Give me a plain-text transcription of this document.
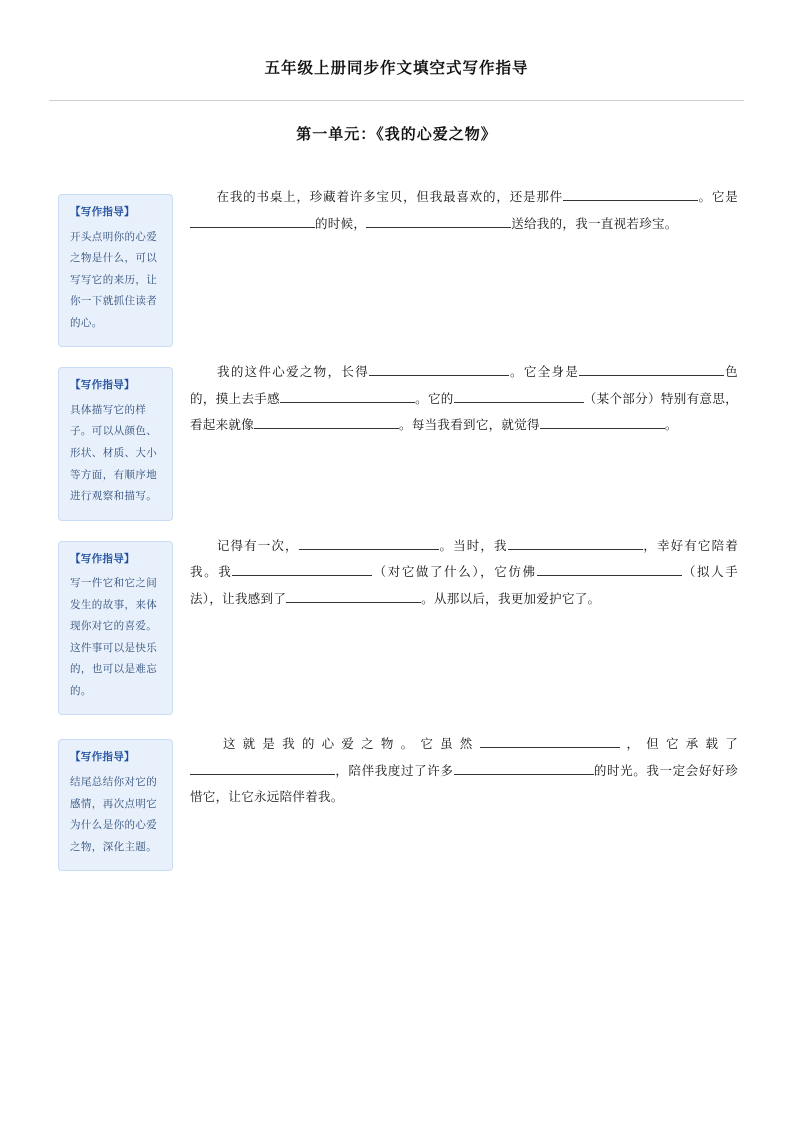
五年级上册同步作文填空式写作指导
第一单元：《我的心爱之物》
【写作指导】
开头点明你的心爱之物是什么，可以写写它的来历，让你一下就抓住读者的心。
在我的书桌上，珍藏着许多宝贝，但我最喜欢的，还是那件	。它是的时候，	送给我的，我一直视若珍宝。
【写作指导】
具体描写它的样子。可以从颜色、形状、材质、大小等方面，有顺序地进行观察和描写。
我的这件心爱之物，长得	。它全身是	色的，摸上去手感	。它的	（某个部分）特别有意思，看起来就像	。每当我看到它，就觉得	。
【写作指导】
写一件它和它之间发生的故事，来体现你对它的喜爱。这件事可以是快乐的，也可以是难忘的。
记得有一次，	。当时，我	，幸好有它陪着我。我	（对它做了什么），它仿佛	（拟人手法），让我感到了	。从那以后，我更加爱护它了。
【写作指导】
结尾总结你对它的感情，再次点明它为什么是你的心爱之物，深化主题。
这就是我的心爱之物。它虽然	，但它承载了，陪伴我度过了许多	的时光。我一定会好好珍惜它，让它永远陪伴着我。
